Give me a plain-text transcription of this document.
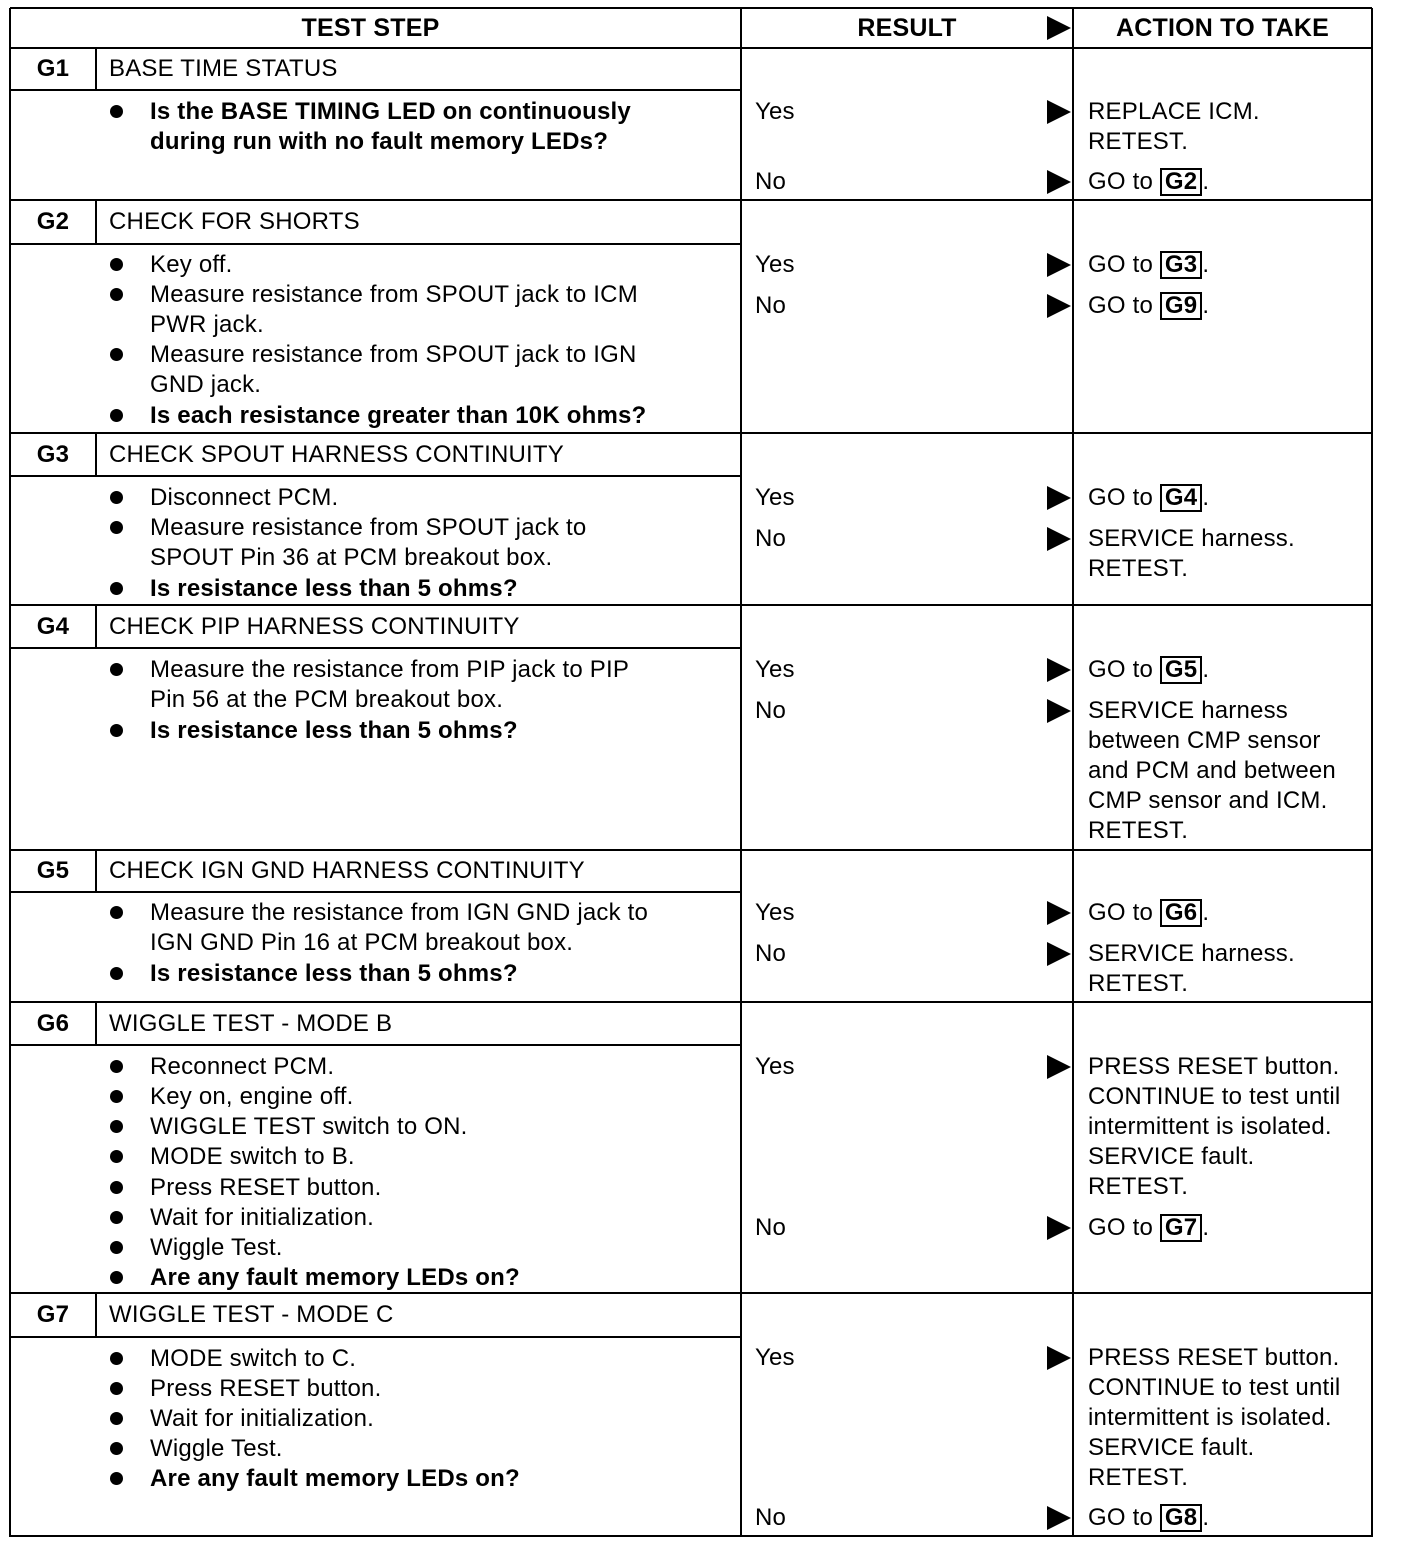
TEST STEP	RESULT	ACTION TO TAKE
G1	BASE TIME STATUS
Is the BASE TIMING LED on continuously
during run with no fault memory LEDs?
Yes	REPLACE ICM.
RETEST.
No	GO to G2 .
G2	CHECK FOR SHORTS
Key off.
Measure resistance from SPOUT jack to ICM
PWR jack.
Measure resistance from SPOUT jack to IGN
GND jack.
Is each resistance greater than 10K ohms?
Yes	GO to G3 .
No	GO to G9 .
G3	CHECK SPOUT HARNESS CONTINUITY
Disconnect PCM.
Measure resistance from SPOUT jack to
SPOUT Pin 36 at PCM breakout box.
Is resistance less than 5 ohms?
Yes	GO to G4 .
No	SERVICE harness.
RETEST.
G4	CHECK PIP HARNESS CONTINUITY
Measure the resistance from PIP jack to PIP
Pin 56 at the PCM breakout box.
Is resistance less than 5 ohms?
Yes	GO to G5 .
No	SERVICE harness
between CMP sensor
and PCM and between
CMP sensor and ICM.
RETEST.
G5	CHECK IGN GND HARNESS CONTINUITY
Measure the resistance from IGN GND jack to
IGN GND Pin 16 at PCM breakout box.
Is resistance less than 5 ohms?
Yes	GO to G6 .
No	SERVICE harness.
RETEST.
G6	WIGGLE TEST - MODE B
Reconnect PCM.
Key on, engine off.
WIGGLE TEST switch to ON.
MODE switch to B.
Press RESET button.
Wait for initialization.
Wiggle Test.
Are any fault memory LEDs on?
Yes	PRESS RESET button.
CONTINUE to test until
intermittent is isolated.
SERVICE fault.
RETEST.
No	GO to G7 .
G7	WIGGLE TEST - MODE C
MODE switch to C.
Press RESET button.
Wait for initialization.
Wiggle Test.
Are any fault memory LEDs on?
Yes	PRESS RESET button.
CONTINUE to test until
intermittent is isolated.
SERVICE fault.
RETEST.
No	GO to G8 .
